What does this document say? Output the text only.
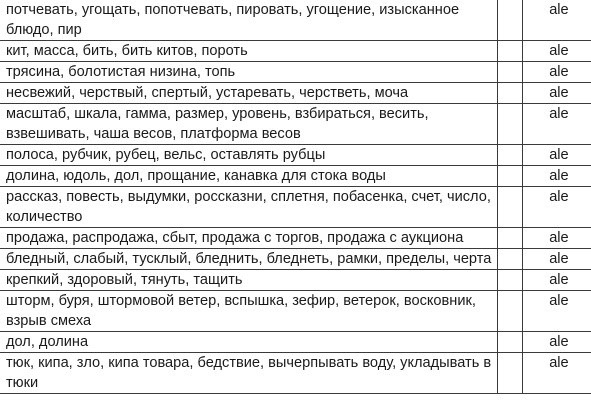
потчевать, угощать, попотчевать, пировать, угощение, изысканное блюдо, пир		ale
кит, масса, бить, бить китов, пороть		ale
трясина, болотистая низина, топь		ale
несвежий, черствый, спертый, устаревать, черстветь, моча		ale
масштаб, шкала, гамма, размер, уровень, взбираться, весить, взвешивать, чаша весов, платформа весов		ale
полоса, рубчик, рубец, вельс, оставлять рубцы		ale
долина, юдоль, дол, прощание, канавка для стока воды		ale
рассказ, повесть, выдумки, россказни, сплетня, побасенка, счет, число, количество		ale
продажа, распродажа, сбыт, продажа с торгов, продажа с аукциона		ale
бледный, слабый, тусклый, бледнить, бледнеть, рамки, пределы, черта		ale
крепкий, здоровый, тянуть, тащить		ale
шторм, буря, штормовой ветер, вспышка, зефир, ветерок, восковник, взрыв смеха		ale
дол, долина		ale
тюк, кипа, зло, кипа товара, бедствие, вычерпывать воду, укладывать в тюки		ale
